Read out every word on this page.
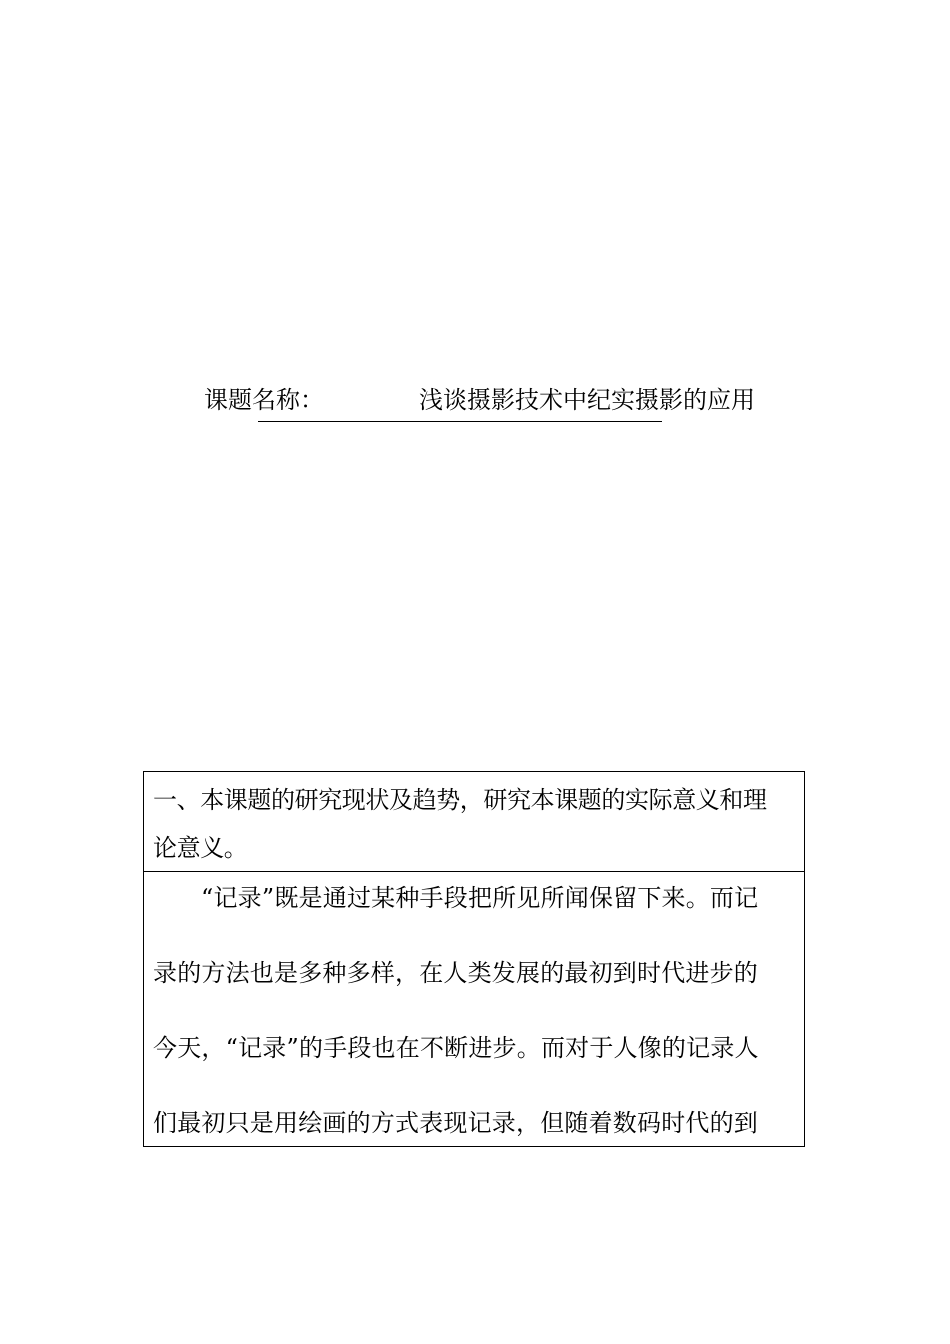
课题名称：	浅谈摄影技术中纪实摄影的应用
一、本课题的研究现状及趋势，研究本课题的实际意义和理
论意义。
“记录”既是通过某种手段把所见所闻保留下来。而记
录的方法也是多种多样，在人类发展的最初到时代进步的
今天，“记录”的手段也在不断进步。而对于人像的记录人
们最初只是用绘画的方式表现记录，但随着数码时代的到
